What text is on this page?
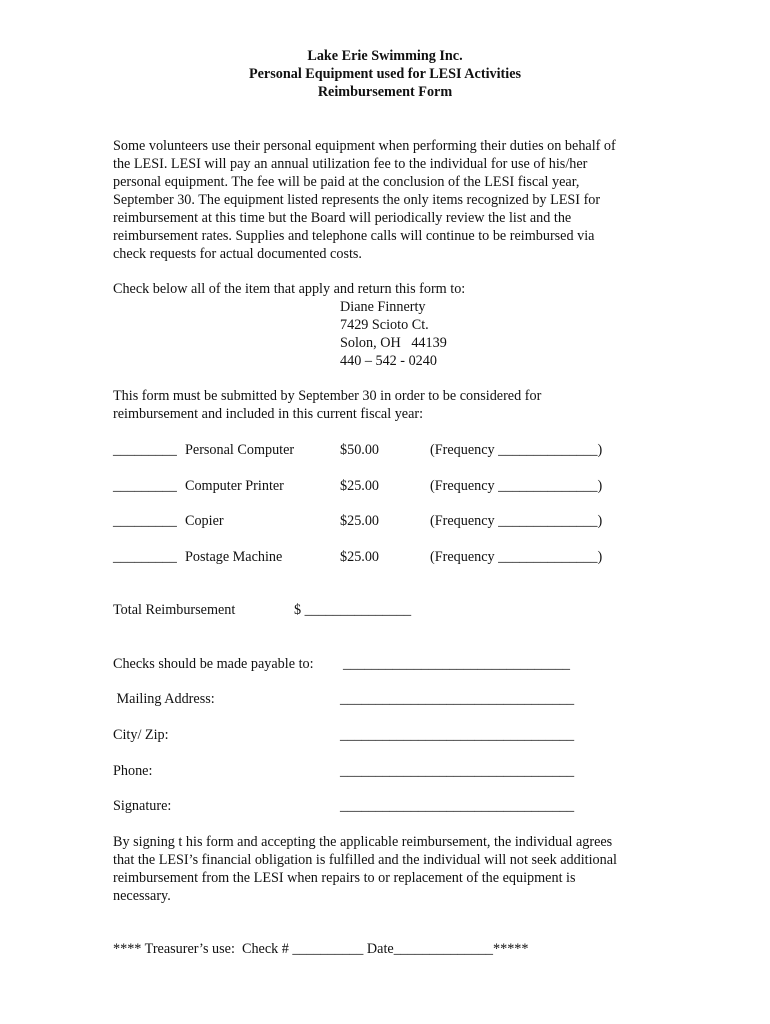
Lake Erie Swimming Inc.
Personal Equipment used for LESI Activities
Reimbursement Form
Some volunteers use their personal equipment when performing their duties on behalf of
the LESI. LESI will pay an annual utilization fee to the individual for use of his/her
personal equipment. The fee will be paid at the conclusion of the LESI fiscal year,
September 30. The equipment listed represents the only items recognized by LESI for
reimbursement at this time but the Board will periodically review the list and the
reimbursement rates. Supplies and telephone calls will continue to be reimbursed via
check requests for actual documented costs.
Check below all of the item that apply and return this form to:
Diane Finnerty
7429 Scioto Ct.
Solon, OH   44139
440 – 542 - 0240
This form must be submitted by September 30 in order to be considered for
reimbursement and included in this current fiscal year:
_________ Personal Computer	$50.00	(Frequency ______________)
_________ Computer Printer	$25.00	(Frequency ______________)
_________ Copier	$25.00	(Frequency ______________)
_________ Postage Machine	$25.00	(Frequency ______________)
Total Reimbursement	$ _______________
Checks should be made payable to: ________________________________
Mailing Address:	_________________________________
City/ Zip:	_________________________________
Phone:	_________________________________
Signature:	_________________________________
By signing t his form and accepting the applicable reimbursement, the individual agrees
that the LESI’s financial obligation is fulfilled and the individual will not seek additional
reimbursement from the LESI when repairs to or replacement of the equipment is
necessary.
**** Treasurer’s use:  Check # __________ Date______________*****
